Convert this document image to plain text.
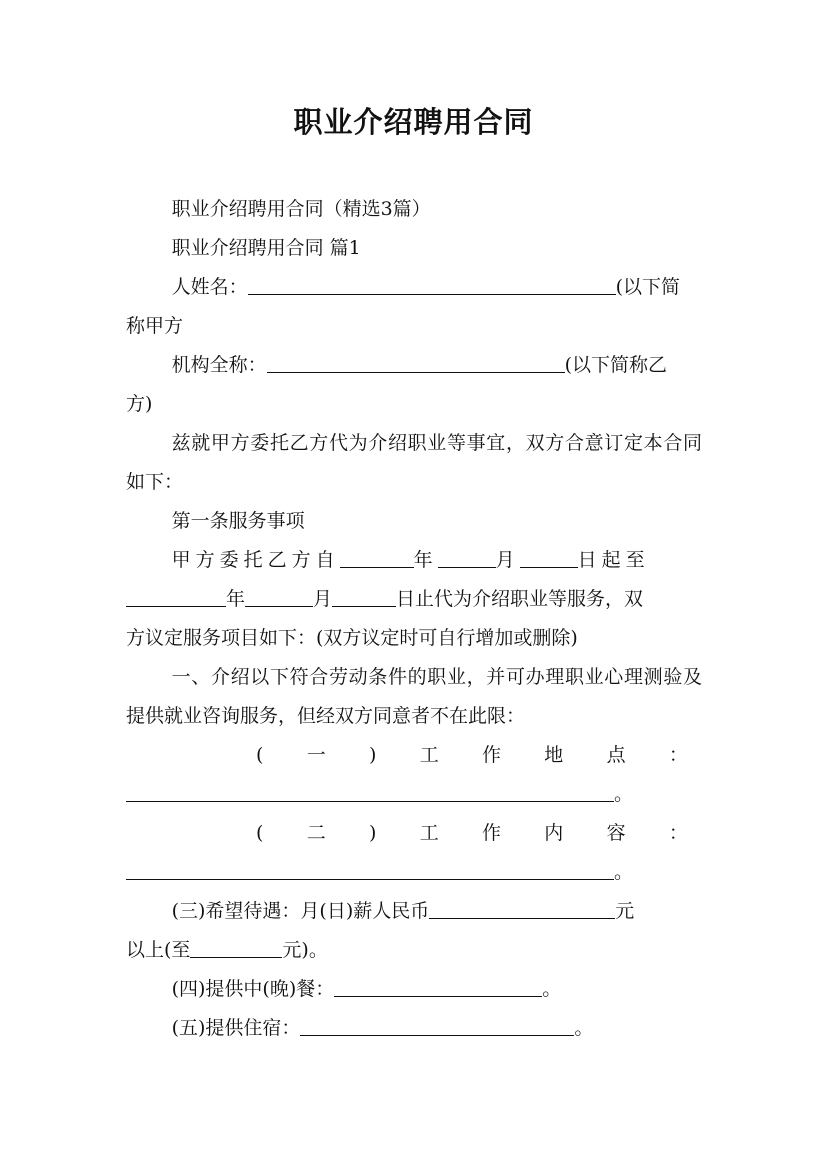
职业介绍聘用合同

职业介绍聘用合同（精选3篇）

职业介绍聘用合同 篇1

人姓名：	(以下简

称甲方

机构全称：	(以下简称乙

方)

兹就甲方委托乙方代为介绍职业等事宜，双方合意订定本合同如下：

第一条服务事项

甲方委托乙方自	年	月	日起至

年	月	日止代为介绍职业等服务，双

方议定服务项目如下：(双方议定时可自行增加或删除)

一、介绍以下符合劳动条件的职业，并可办理职业心理测验及提供就业咨询服务，但经双方同意者不在此限：

( 一 ) 工 作 地 点 ：

。

( 二 ) 工 作 内 容 ：

。

(三)希望待遇：月(日)薪人民币	元

以上(至	元)。

(四)提供中(晚)餐：	。

(五)提供住宿：	。
